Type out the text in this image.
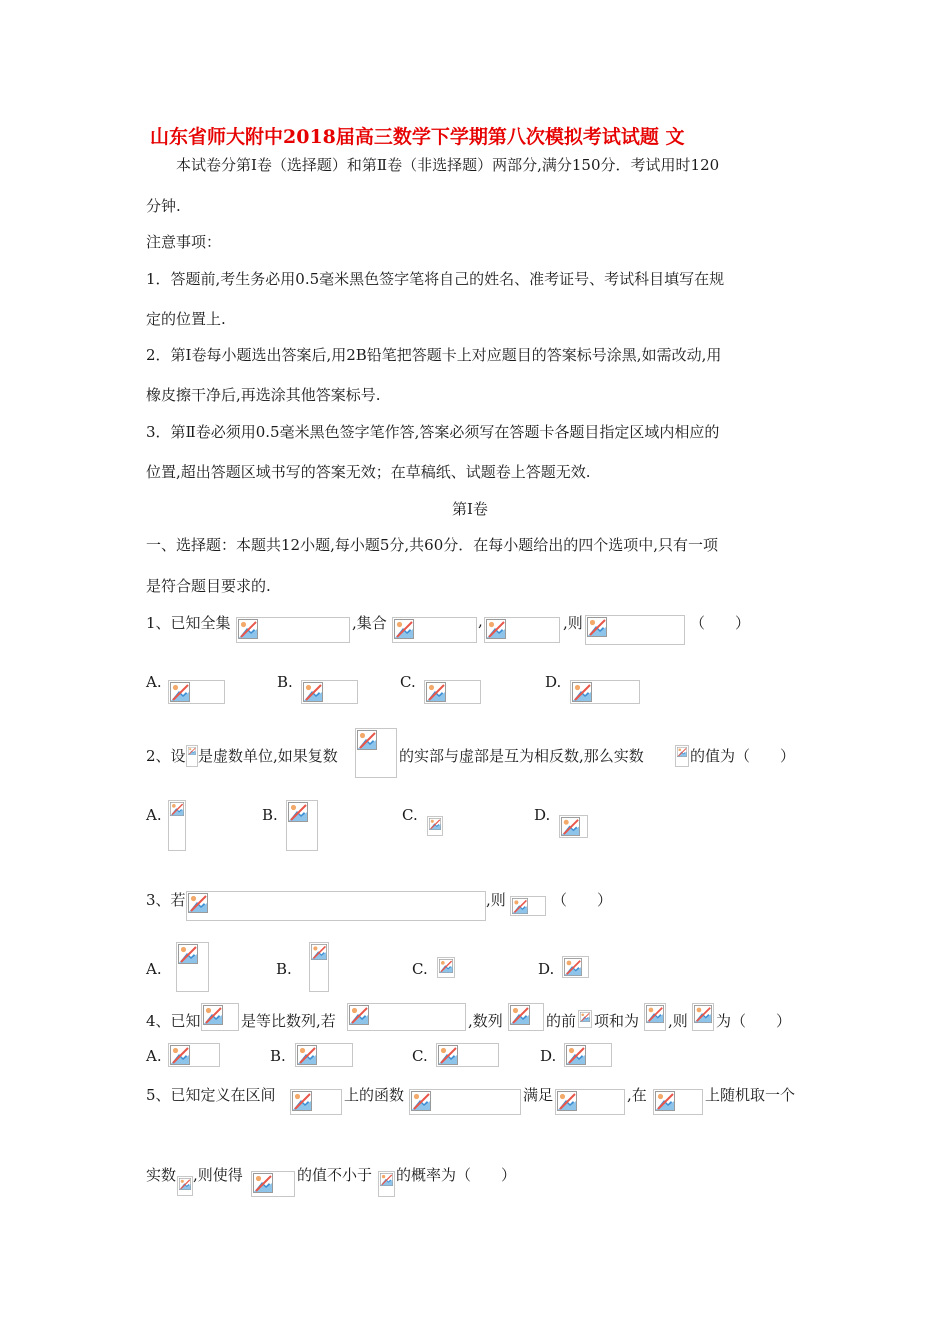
山东省师大附中2018届高三数学下学期第八次模拟考试试题 文
本试卷分第Ⅰ卷（选择题）和第Ⅱ卷（非选择题）两部分,满分150分．考试用时120
分钟.
注意事项：
1．答题前,考生务必用0.5毫米黑色签字笔将自己的姓名、准考证号、考试科目填写在规
定的位置上.
2．第Ⅰ卷每小题选出答案后,用2B铅笔把答题卡上对应题目的答案标号涂黑,如需改动,用
橡皮擦干净后,再选涂其他答案标号.
3．第Ⅱ卷必须用0.5毫米黑色签字笔作答,答案必须写在答题卡各题目指定区域内相应的
位置,超出答题区域书写的答案无效；在草稿纸、试题卷上答题无效.
第Ⅰ卷
一、选择题：本题共12小题,每小题5分,共60分．在每小题给出的四个选项中,只有一项
是符合题目要求的.
1、已知全集	,集合	,	,则	（　　）
A.	B.	C.	D.
2、设 是虚数单位,如果复数	的实部与虚部是互为相反数,那么实数	的值为（　　）
A.	B.	C.	D.
3、若	,则	（　　）
A.	B.	C.	D.
4、已知	是等比数列,若	,数列	的前 项和为 ,则 为（　　）
A.	B.	C.	D.
5、已知定义在区间	上的函数	满足	,在	上随机取一个
实数 ,则使得	的值不小于 的概率为（　　）
